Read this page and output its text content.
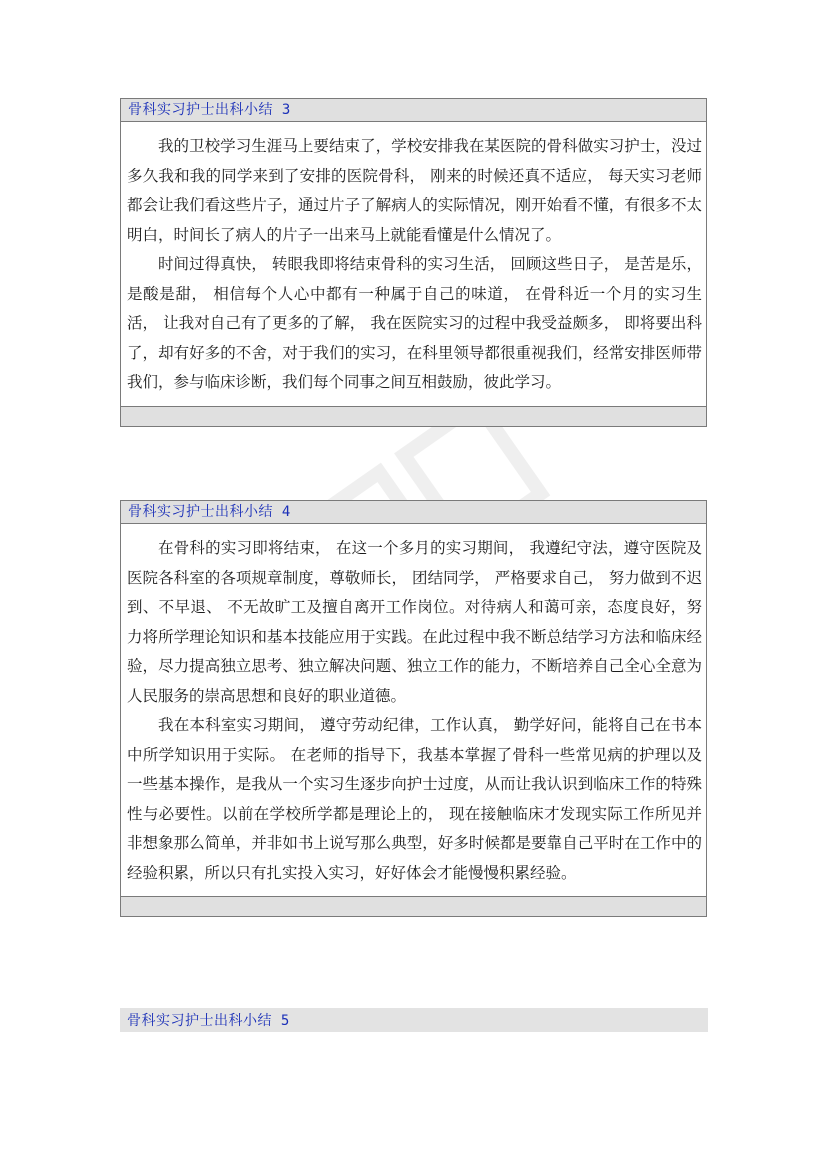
骨科实习护士出科小结 3

我的卫校学习生涯马上要结束了，学校安排我在某医院的骨科做实习护士，没过多久我和我的同学来到了安排的医院骨科， 刚来的时候还真不适应， 每天实习老师都会让我们看这些片子，通过片子了解病人的实际情况，刚开始看不懂，有很多不太明白，时间长了病人的片子一出来马上就能看懂是什么情况了。

时间过得真快， 转眼我即将结束骨科的实习生活， 回顾这些日子， 是苦是乐，是酸是甜， 相信每个人心中都有一种属于自己的味道， 在骨科近一个月的实习生活， 让我对自己有了更多的了解， 我在医院实习的过程中我受益颇多， 即将要出科了，却有好多的不舍，对于我们的实习，在科里领导都很重视我们，经常安排医师带我们，参与临床诊断，我们每个同事之间互相鼓励，彼此学习。

骨科实习护士出科小结 4

在骨科的实习即将结束， 在这一个多月的实习期间， 我遵纪守法，遵守医院及医院各科室的各项规章制度，尊敬师长， 团结同学， 严格要求自己， 努力做到不迟到、不早退、 不无故旷工及擅自离开工作岗位。对待病人和蔼可亲，态度良好，努力将所学理论知识和基本技能应用于实践。在此过程中我不断总结学习方法和临床经验，尽力提高独立思考、独立解决问题、独立工作的能力，不断培养自己全心全意为人民服务的崇高思想和良好的职业道德。

我在本科室实习期间， 遵守劳动纪律，工作认真， 勤学好问，能将自己在书本中所学知识用于实际。 在老师的指导下，我基本掌握了骨科一些常见病的护理以及一些基本操作，是我从一个实习生逐步向护士过度，从而让我认识到临床工作的特殊性与必要性。以前在学校所学都是理论上的， 现在接触临床才发现实际工作所见并非想象那么简单，并非如书上说写那么典型，好多时候都是要靠自己平时在工作中的经验积累，所以只有扎实投入实习，好好体会才能慢慢积累经验。

骨科实习护士出科小结 5
